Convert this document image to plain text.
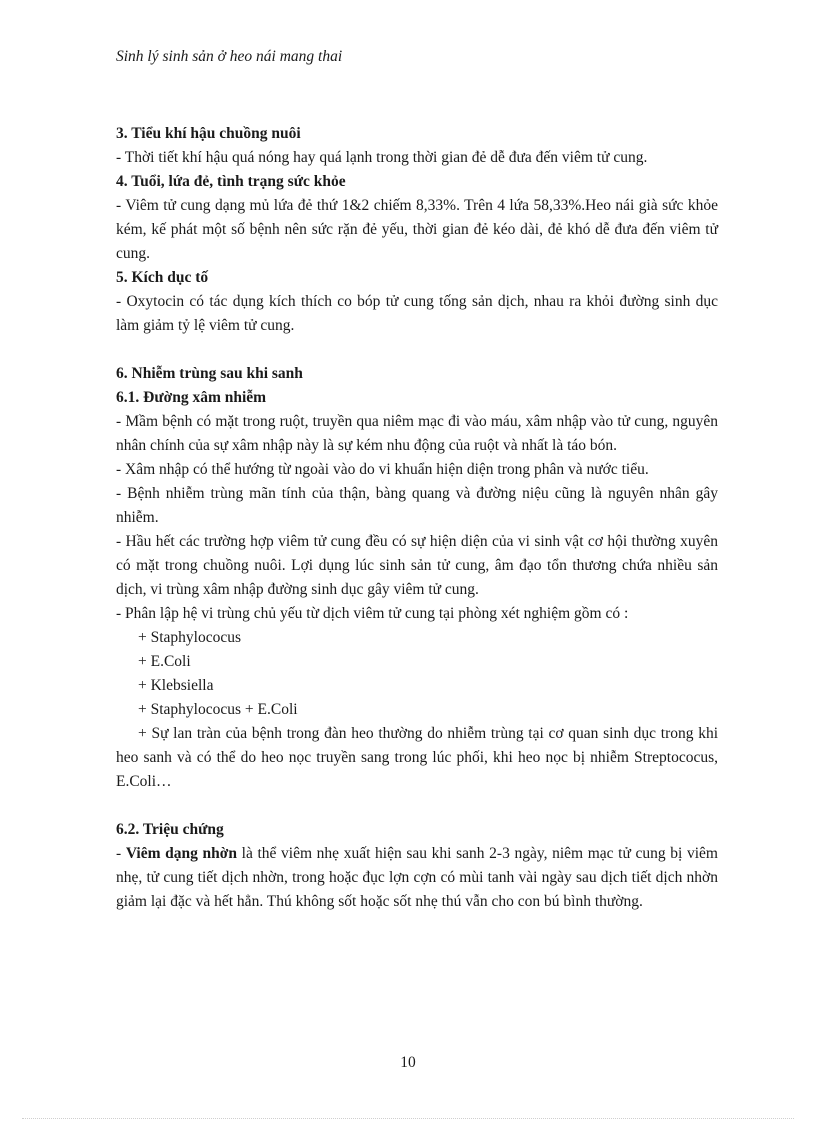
Sinh lý sinh sản ở heo nái mang thai

3. Tiểu khí hậu chuồng nuôi

- Thời tiết khí hậu quá nóng hay quá lạnh trong thời gian đẻ dễ đưa đến viêm tử cung.

4. Tuổi, lứa đẻ, tình trạng sức khỏe

- Viêm tử cung dạng mủ lứa đẻ thứ 1&2 chiếm 8,33%. Trên 4 lứa 58,33%.Heo nái già sức khỏe kém, kế phát một số bệnh nên sức rặn đẻ yếu, thời gian đẻ kéo dài, đẻ khó dễ đưa đến viêm tử cung.

5. Kích dục tố

- Oxytocin có tác dụng kích thích co bóp tử cung tống sản dịch, nhau ra khỏi đường sinh dục làm giảm tỷ lệ viêm tử cung.

6. Nhiễm trùng sau khi sanh

6.1. Đường xâm nhiễm

- Mầm bệnh có mặt trong ruột, truyền qua niêm mạc đi vào máu, xâm nhập vào tử cung, nguyên nhân chính của sự xâm nhập này là sự kém nhu động của ruột và nhất là táo bón.

- Xâm nhập có thể hướng từ ngoài vào do vi khuẩn hiện diện trong phân và nước tiểu.

- Bệnh nhiễm trùng mãn tính của thận, bàng quang và đường niệu cũng là nguyên nhân gây nhiễm.

- Hầu hết các trường hợp viêm tử cung đều có sự hiện diện của vi sinh vật cơ hội thường xuyên có mặt trong chuồng nuôi. Lợi dụng lúc sinh sản tử cung, âm đạo tổn thương chứa nhiều sản dịch, vi trùng xâm nhập đường sinh dục gây viêm tử cung.

- Phân lập hệ vi trùng chủ yếu từ dịch viêm tử cung tại phòng xét nghiệm gồm có :

+ Staphylococus

+ E.Coli

+ Klebsiella

+ Staphylococus + E.Coli

+ Sự lan tràn của bệnh trong đàn heo thường do nhiễm trùng tại cơ quan sinh dục trong khi heo sanh và có thể do heo nọc truyền sang trong lúc phối, khi heo nọc bị nhiễm Streptococus, E.Coli…

6.2. Triệu chứng

- Viêm dạng nhờn là thể viêm nhẹ xuất hiện sau khi sanh 2-3 ngày, niêm mạc tử cung bị viêm nhẹ, tử cung tiết dịch nhờn, trong hoặc đục lợn cợn có mùi tanh vài ngày sau dịch tiết dịch nhờn giảm lại đặc và hết hẳn. Thú không sốt hoặc sốt nhẹ thú vẫn cho con bú bình thường.

10
